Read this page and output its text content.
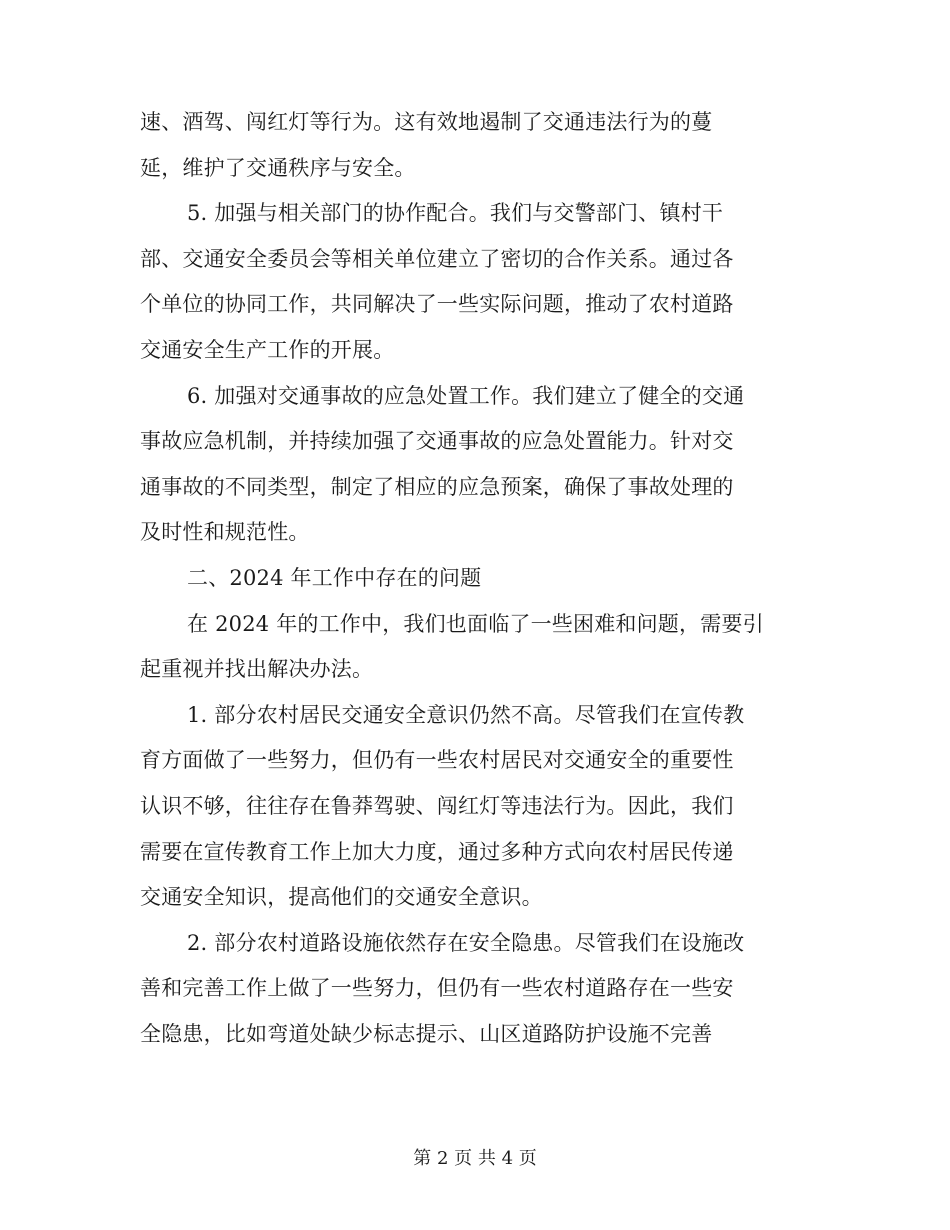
速、酒驾、闯红灯等行为。这有效地遏制了交通违法行为的蔓
延，维护了交通秩序与安全。
5. 加强与相关部门的协作配合。我们与交警部门、镇村干
部、交通安全委员会等相关单位建立了密切的合作关系。通过各
个单位的协同工作，共同解决了一些实际问题，推动了农村道路
交通安全生产工作的开展。
6. 加强对交通事故的应急处置工作。我们建立了健全的交通
事故应急机制，并持续加强了交通事故的应急处置能力。针对交
通事故的不同类型，制定了相应的应急预案，确保了事故处理的
及时性和规范性。
二、2024 年工作中存在的问题
在 2024 年的工作中，我们也面临了一些困难和问题，需要引
起重视并找出解决办法。
1. 部分农村居民交通安全意识仍然不高。尽管我们在宣传教
育方面做了一些努力，但仍有一些农村居民对交通安全的重要性
认识不够，往往存在鲁莽驾驶、闯红灯等违法行为。因此，我们
需要在宣传教育工作上加大力度，通过多种方式向农村居民传递
交通安全知识，提高他们的交通安全意识。
2. 部分农村道路设施依然存在安全隐患。尽管我们在设施改
善和完善工作上做了一些努力，但仍有一些农村道路存在一些安
全隐患，比如弯道处缺少标志提示、山区道路防护设施不完善
第 2 页 共 4 页
